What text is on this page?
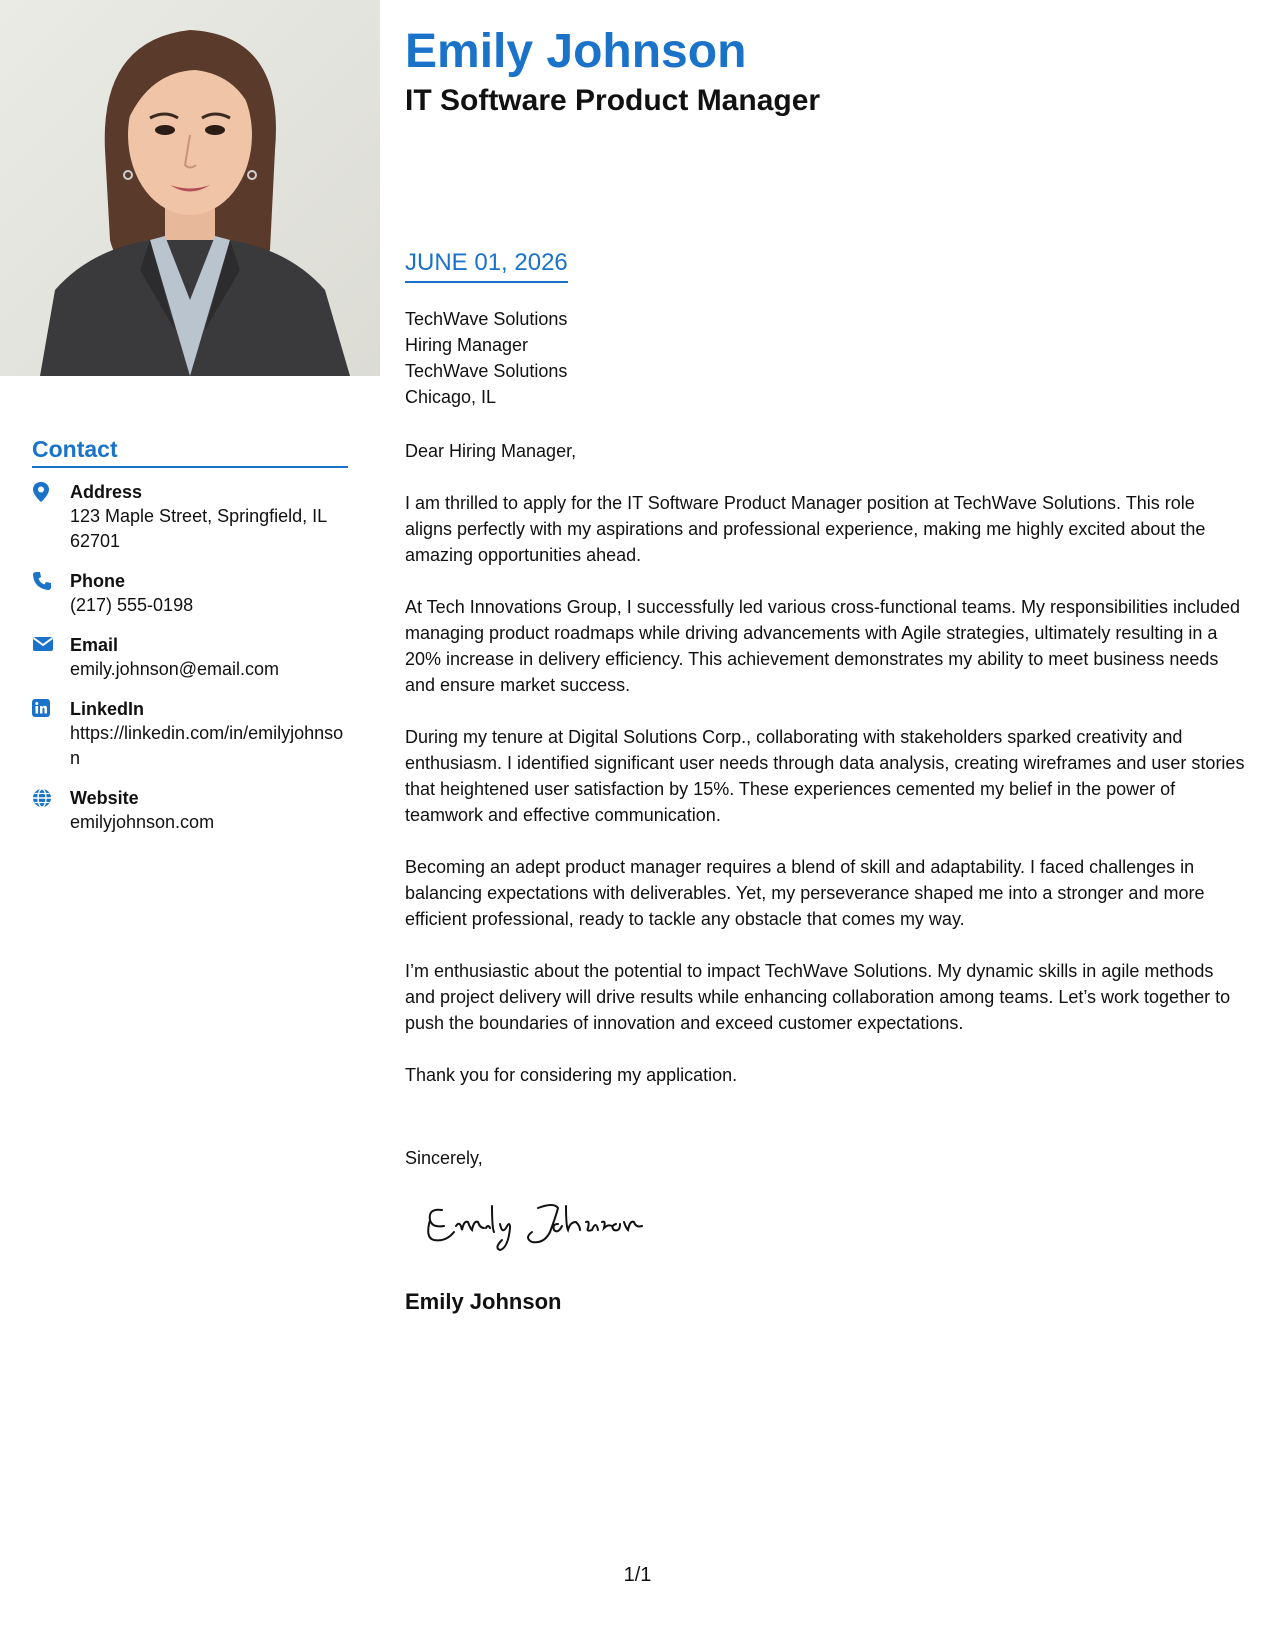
Emily Johnson
IT Software Product Manager
Contact
Address
123 Maple Street, Springfield, IL 62701
Phone
(217) 555-0198
Email
emily.johnson@email.com
LinkedIn
https://linkedin.com/in/emilyjohnson
Website
emilyjohnson.com
JUNE 01, 2026
TechWave Solutions
Hiring Manager
TechWave Solutions
Chicago, IL

Dear Hiring Manager,

I am thrilled to apply for the IT Software Product Manager position at TechWave Solutions. This role aligns perfectly with my aspirations and professional experience, making me highly excited about the amazing opportunities ahead.

At Tech Innovations Group, I successfully led various cross-functional teams. My responsibilities included managing product roadmaps while driving advancements with Agile strategies, ultimately resulting in a 20% increase in delivery efficiency. This achievement demonstrates my ability to meet business needs and ensure market success.

During my tenure at Digital Solutions Corp., collaborating with stakeholders sparked creativity and enthusiasm. I identified significant user needs through data analysis, creating wireframes and user stories that heightened user satisfaction by 15%. These experiences cemented my belief in the power of teamwork and effective communication.

Becoming an adept product manager requires a blend of skill and adaptability. I faced challenges in balancing expectations with deliverables. Yet, my perseverance shaped me into a stronger and more efficient professional, ready to tackle any obstacle that comes my way.

I’m enthusiastic about the potential to impact TechWave Solutions. My dynamic skills in agile methods and project delivery will drive results while enhancing collaboration among teams. Let’s work together to push the boundaries of innovation and exceed customer expectations.

Thank you for considering my application.

Sincerely,
Emily Johnson
1/1
